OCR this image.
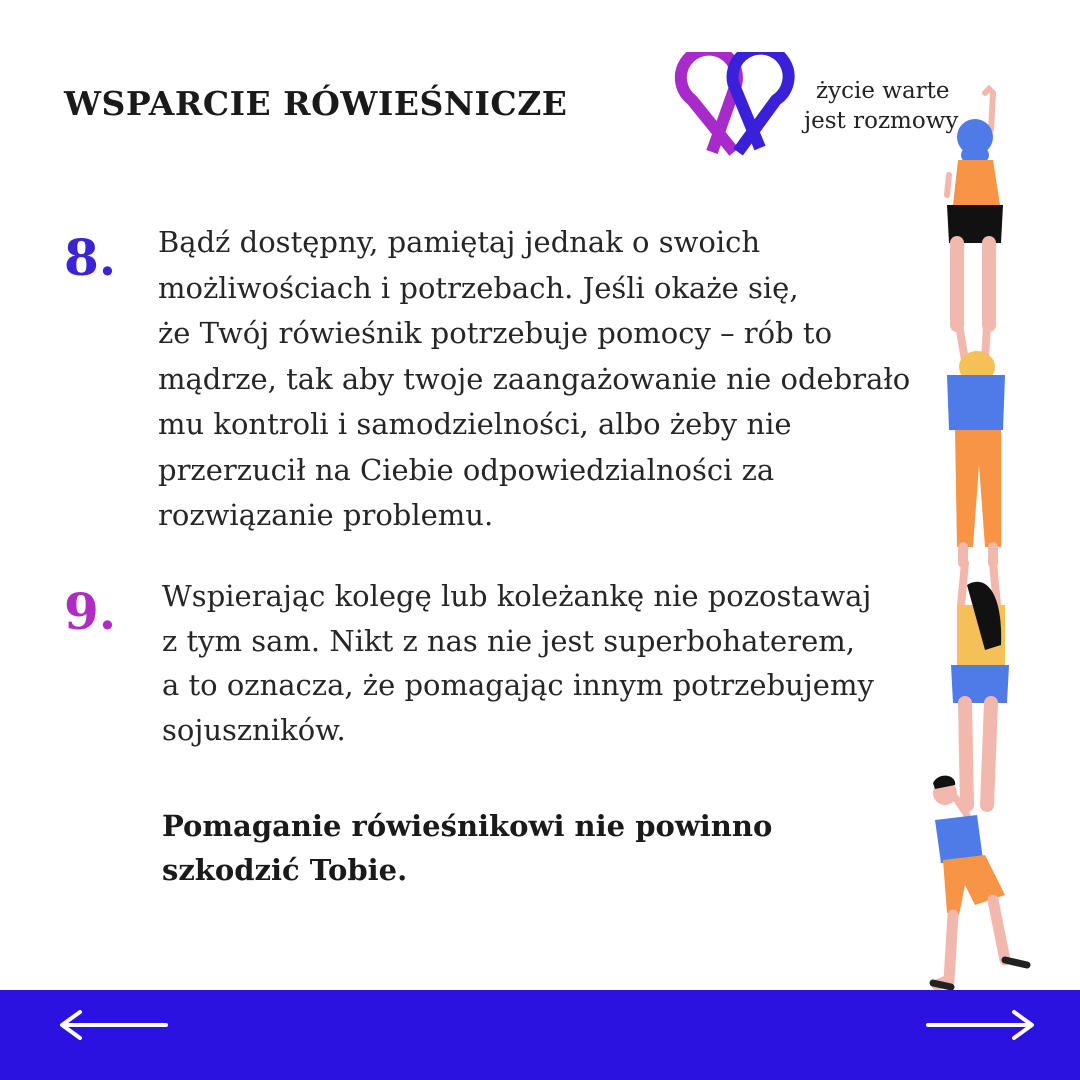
WSPARCIE RÓWIEŚNICZE	życie warte
jest rozmowy
8. Bądź dostępny, pamiętaj jednak o swoich
możliwościach i potrzebach. Jeśli okaże się,
że Twój rówieśnik potrzebuje pomocy – rób to
mądrze, tak aby twoje zaangażowanie nie odebrało
mu kontroli i samodzielności, albo żeby nie
przerzucił na Ciebie odpowiedzialności za
rozwiązanie problemu.
9. Wspierając kolegę lub koleżankę nie pozostawaj
z tym sam. Nikt z nas nie jest superbohaterem,
a to oznacza, że pomagając innym potrzebujemy
sojuszników.
Pomaganie rówieśnikowi nie powinno
szkodzić Tobie.
